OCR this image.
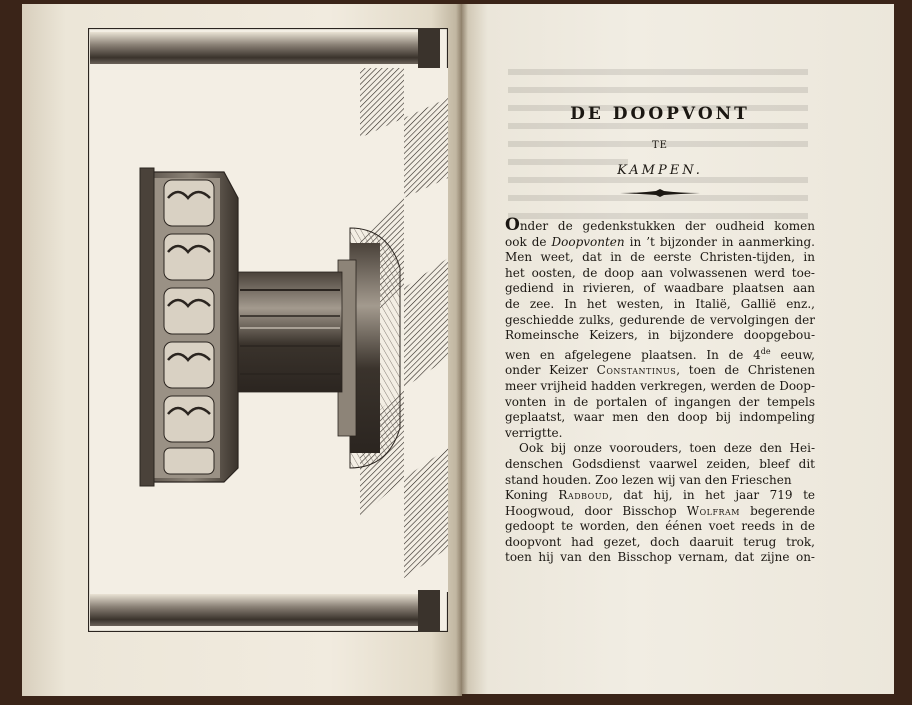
DE DOOPVONT
TE
KAMPEN.
Onder de gedenkstukken der oudheid komen
ook de Doopvonten in ’t bijzonder in aanmerking.
Men weet, dat in de eerste Christen-tijden, in
het oosten, de doop aan volwassenen werd toe-
gediend in rivieren, of waadbare plaatsen aan
de zee. In het westen, in Italië, Gallië enz.,
geschiedde zulks, gedurende de vervolgingen der
Romeinsche Keizers, in bijzondere doopgebou-
wen en afgelegene plaatsen. In de 4de eeuw,
onder Keizer Constantinus, toen de Christenen
meer vrijheid hadden verkregen, werden de Doop-
vonten in de portalen of ingangen der tempels
geplaatst, waar men den doop bij indompeling
verrigtte.
Ook bij onze voorouders, toen deze den Hei-
denschen Godsdienst vaarwel zeiden, bleef dit
stand houden. Zoo lezen wij van den Frieschen
Koning Radboud, dat hij, in het jaar 719 te
Hoogwoud, door Bisschop Wolfram begerende
gedoopt te worden, den éénen voet reeds in de
doopvont had gezet, doch daaruit terug trok,
toen hij van den Bisschop vernam, dat zijne on-
